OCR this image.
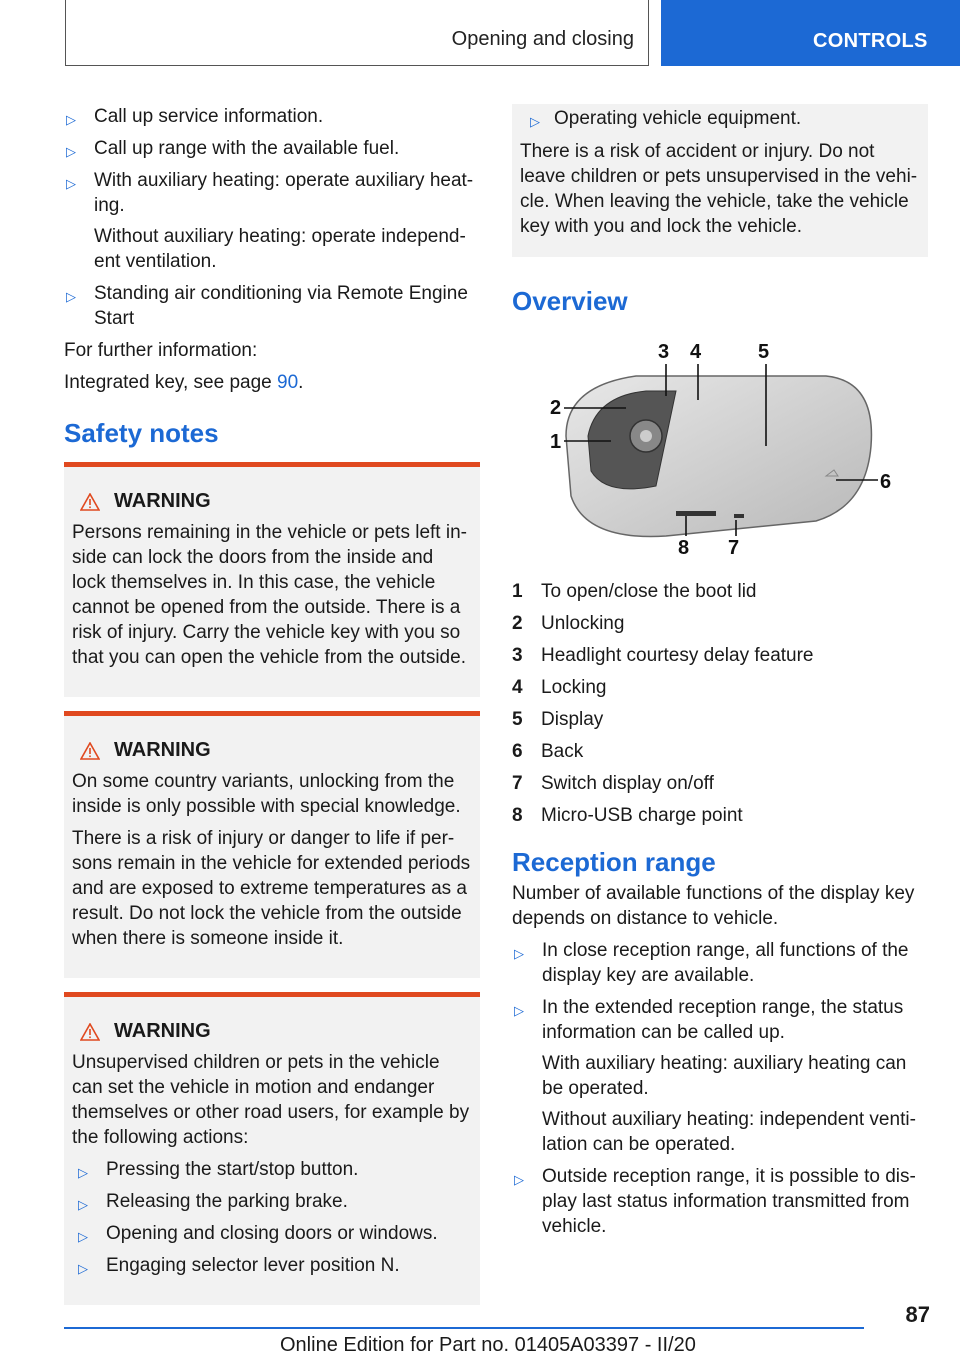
Opening and closing	CONTROLS
▷ Call up service information.
▷ Call up range with the available fuel.
▷ With auxiliary heating: operate auxiliary heat-ing.

Without auxiliary heating: operate independ-ent ventilation.

▷ Standing air conditioning via Remote Engine Start

For further information:

Integrated key, see page 90.

Safety notes
WARNING

Persons remaining in the vehicle or pets left in-side can lock the doors from the inside and lock themselves in. In this case, the vehicle cannot be opened from the outside. There is a risk of injury. Carry the vehicle key with you so that you can open the vehicle from the outside.

WARNING

On some country variants, unlocking from the inside is only possible with special knowledge.

There is a risk of injury or danger to life if per-sons remain in the vehicle for extended periods and are exposed to extreme temperatures as a result. Do not lock the vehicle from the outside when there is someone inside it.

WARNING

Unsupervised children or pets in the vehicle can set the vehicle in motion and endanger themselves or other road users, for example by the following actions:

▷ Pressing the start/stop button.
▷ Releasing the parking brake.
▷ Opening and closing doors or windows.
▷ Engaging selector lever position N.
▷ Operating vehicle equipment.

There is a risk of accident or injury. Do not leave children or pets unsupervised in the vehi-cle. When leaving the vehicle, take the vehicle key with you and lock the vehicle.

Overview
1
2
3 4	5
6
7
8
1 To open/close the boot lid
2 Unlocking
3 Headlight courtesy delay feature
4 Locking
5 Display
6 Back
7 Switch display on/off
8 Micro-USB charge point
Reception range

Number of available functions of the display key depends on distance to vehicle.

▷ In close reception range, all functions of the display key are available.
▷ In the extended reception range, the status information can be called up.

With auxiliary heating: auxiliary heating can be operated.

Without auxiliary heating: independent venti-lation can be operated.

▷ Outside reception range, it is possible to dis-play last status information transmitted from vehicle.
87
Online Edition for Part no. 01405A03397 - II/20
